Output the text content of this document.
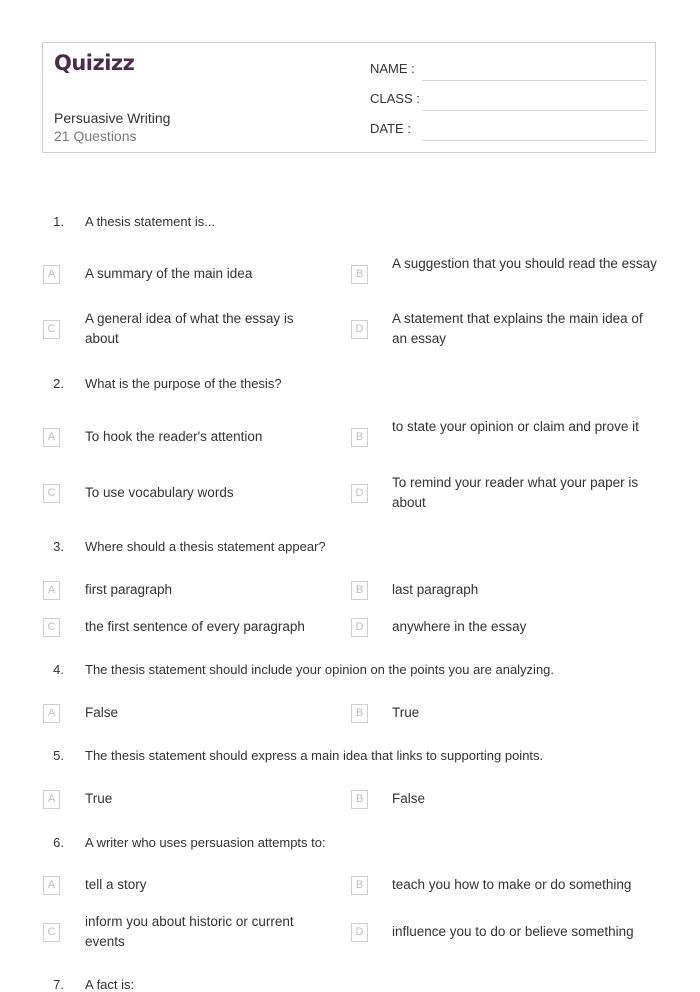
Quizizz
Persuasive Writing
21 Questions
NAME :
CLASS :
DATE :
1. A thesis statement is...
A	A summary of the main idea	B
A suggestion that you should read the essay
C
A general idea of what the essay is about
D
A statement that explains the main idea of an essay
2. What is the purpose of the thesis?
A	To hook the reader's attention	B
to state your opinion or claim and prove it
C	To use vocabulary words	D
To remind your reader what your paper is about
3. Where should a thesis statement appear?
A	first paragraph	B	last paragraph
C	the first sentence of every paragraph	D	anywhere in the essay
4. The thesis statement should include your opinion on the points you are analyzing.
A	False	B	True
5. The thesis statement should express a main idea that links to supporting points.
A	True	B	False
6. A writer who uses persuasion attempts to:
A	tell a story	B	teach you how to make or do something
C
inform you about historic or current events
D	influence you to do or believe something
7. A fact is:
